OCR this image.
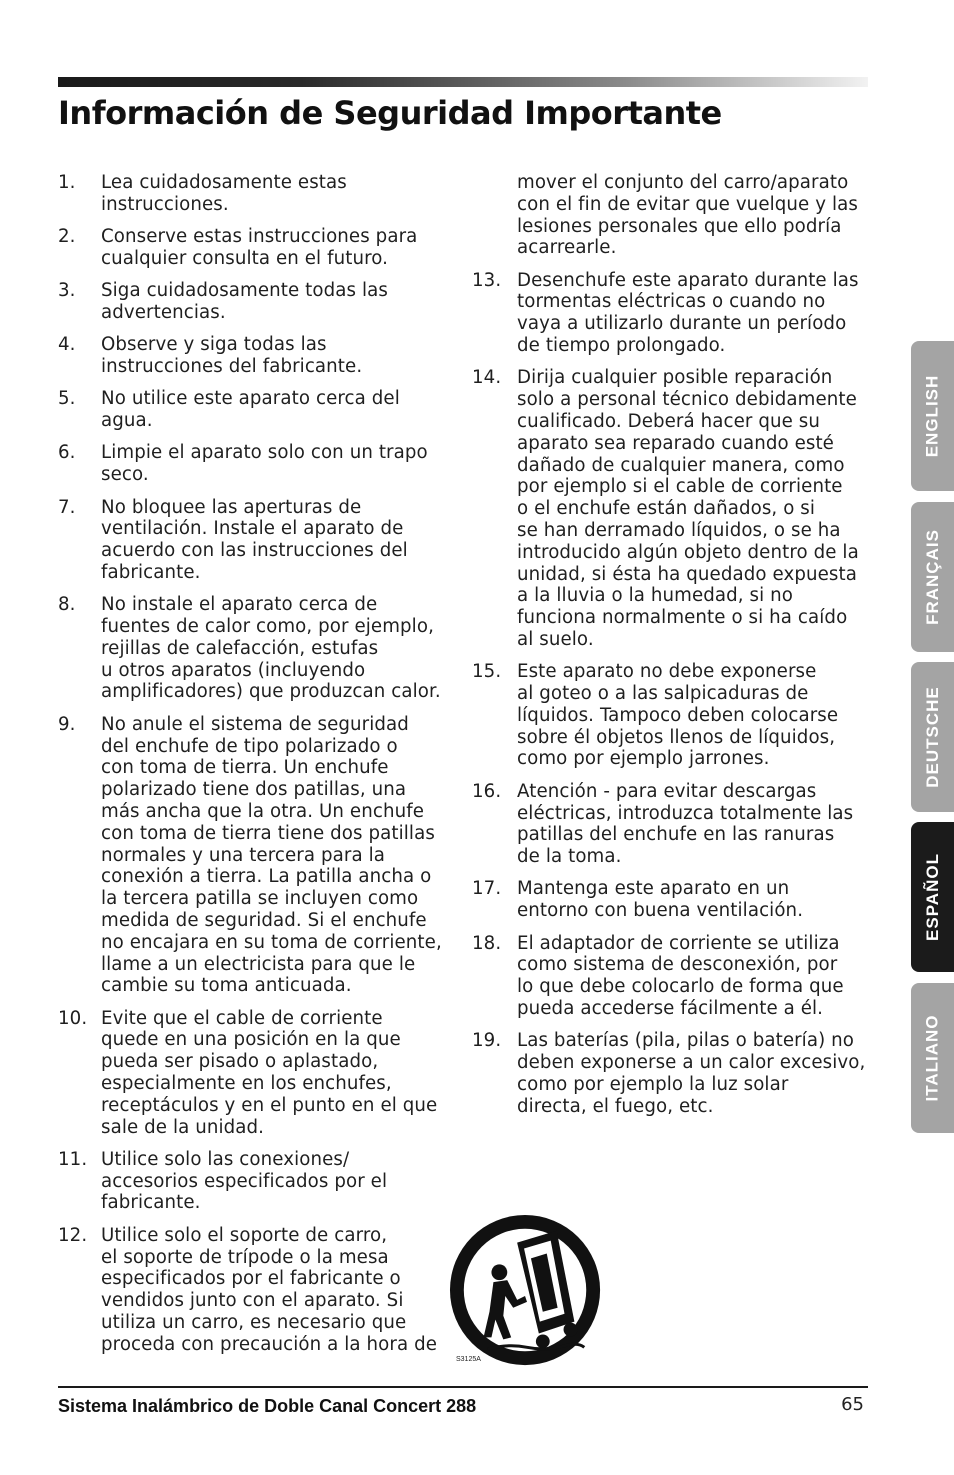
Información de Seguridad Importante
1.	Lea cuidadosamente estas
instrucciones.
2.	Conserve estas instrucciones para
cualquier consulta en el futuro.
3.	Siga cuidadosamente todas las
advertencias.
4.	Observe y siga todas las
instrucciones del fabricante.
5.	No utilice este aparato cerca del
agua.
6.	Limpie el aparato solo con un trapo
seco.
7.	No bloquee las aperturas de
ventilación. Instale el aparato de
acuerdo con las instrucciones del
fabricante.
8.	No instale el aparato cerca de
fuentes de calor como, por ejemplo,
rejillas de calefacción, estufas
u otros aparatos (incluyendo
amplificadores) que produzcan calor.
9.	No anule el sistema de seguridad
del enchufe de tipo polarizado o
con toma de tierra. Un enchufe
polarizado tiene dos patillas, una
más ancha que la otra. Un enchufe
con toma de tierra tiene dos patillas
normales y una tercera para la
conexión a tierra. La patilla ancha o
la tercera patilla se incluyen como
medida de seguridad. Si el enchufe
no encajara en su toma de corriente,
llame a un electricista para que le
cambie su toma anticuada.
10. Evite que el cable de corriente
quede en una posición en la que
pueda ser pisado o aplastado,
especialmente en los enchufes,
receptáculos y en el punto en el que
sale de la unidad.
11. Utilice solo las conexiones/
accesorios especificados por el
fabricante.
12. Utilice solo el soporte de carro,
el soporte de trípode o la mesa
especificados por el fabricante o
vendidos junto con el aparato. Si
utiliza un carro, es necesario que
proceda con precaución a la hora de
mover el conjunto del carro/aparato
con el fin de evitar que vuelque y las
lesiones personales que ello podría
acarrearle.
13. Desenchufe este aparato durante las
tormentas eléctricas o cuando no
vaya a utilizarlo durante un período
de tiempo prolongado.
14. Dirija cualquier posible reparación
solo a personal técnico debidamente
cualificado. Deberá hacer que su
aparato sea reparado cuando esté
dañado de cualquier manera, como
por ejemplo si el cable de corriente
o el enchufe están dañados, o si
se han derramado líquidos, o se ha
introducido algún objeto dentro de la
unidad, si ésta ha quedado expuesta
a la lluvia o la humedad, si no
funciona normalmente o si ha caído
al suelo.
15. Este aparato no debe exponerse
al goteo o a las salpicaduras de
líquidos. Tampoco deben colocarse
sobre él objetos llenos de líquidos,
como por ejemplo jarrones.
16. Atención - para evitar descargas
eléctricas, introduzca totalmente las
patillas del enchufe en las ranuras
de la toma.
17. Mantenga este aparato en un
entorno con buena ventilación.
18. El adaptador de corriente se utiliza
como sistema de desconexión, por
lo que debe colocarlo de forma que
pueda accederse fácilmente a él.
19. Las baterías (pila, pilas o batería) no
deben exponerse a un calor excesivo,
como por ejemplo la luz solar
directa, el fuego, etc.
ENGLISH
FRANÇAIS
DEUTSCHE
ESPAÑOL
ITALIANO
S3125A
Sistema Inalámbrico de Doble Canal Concert 288	65
